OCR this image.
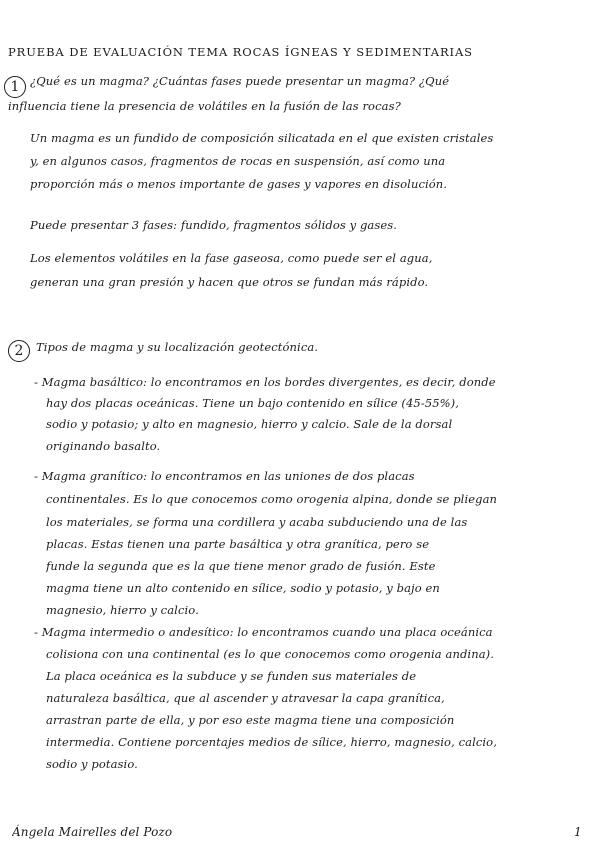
PRUEBA DE EVALUACIÓN TEMA ROCAS ÍGNEAS Y SEDIMENTARIAS
1 ¿Qué es un magma? ¿Cuántas fases puede presentar un magma? ¿Qué
influencia tiene la presencia de volátiles en la fusión de las rocas?
Un magma es un fundido de composición silicatada en el que existen cristales
y, en algunos casos, fragmentos de rocas en suspensión, así como una
proporción más o menos importante de gases y vapores en disolución.
Puede presentar 3 fases: fundido, fragmentos sólidos y gases.
Los elementos volátiles en la fase gaseosa, como puede ser el agua,
generan una gran presión y hacen que otros se fundan más rápido.
2	Tipos de magma y su localización geotectónica.
- Magma basáltico: lo encontramos en los bordes divergentes, es decir, donde
hay dos placas oceánicas. Tiene un bajo contenido en sílice (45-55%),
sodio y potasio; y alto en magnesio, hierro y calcio. Sale de la dorsal
originando basalto.
- Magma granítico: lo encontramos en las uniones de dos placas
continentales. Es lo que conocemos como orogenia alpina, donde se pliegan
los materiales, se forma una cordillera y acaba subduciendo una de las
placas. Estas tienen una parte basáltica y otra granítica, pero se
funde la segunda que es la que tiene menor grado de fusión. Este
magma tiene un alto contenido en sílice, sodio y potasio, y bajo en
magnesio, hierro y calcio.
- Magma intermedio o andesítico: lo encontramos cuando una placa oceánica
colisiona con una continental (es lo que conocemos como orogenia andina).
La placa oceánica es la subduce y se funden sus materiales de
naturaleza basáltica, que al ascender y atravesar la capa granítica,
arrastran parte de ella, y por eso este magma tiene una composición
intermedia. Contiene porcentajes medios de sílice, hierro, magnesio, calcio,
sodio y potasio.
Ángela Mairelles del Pozo	1
